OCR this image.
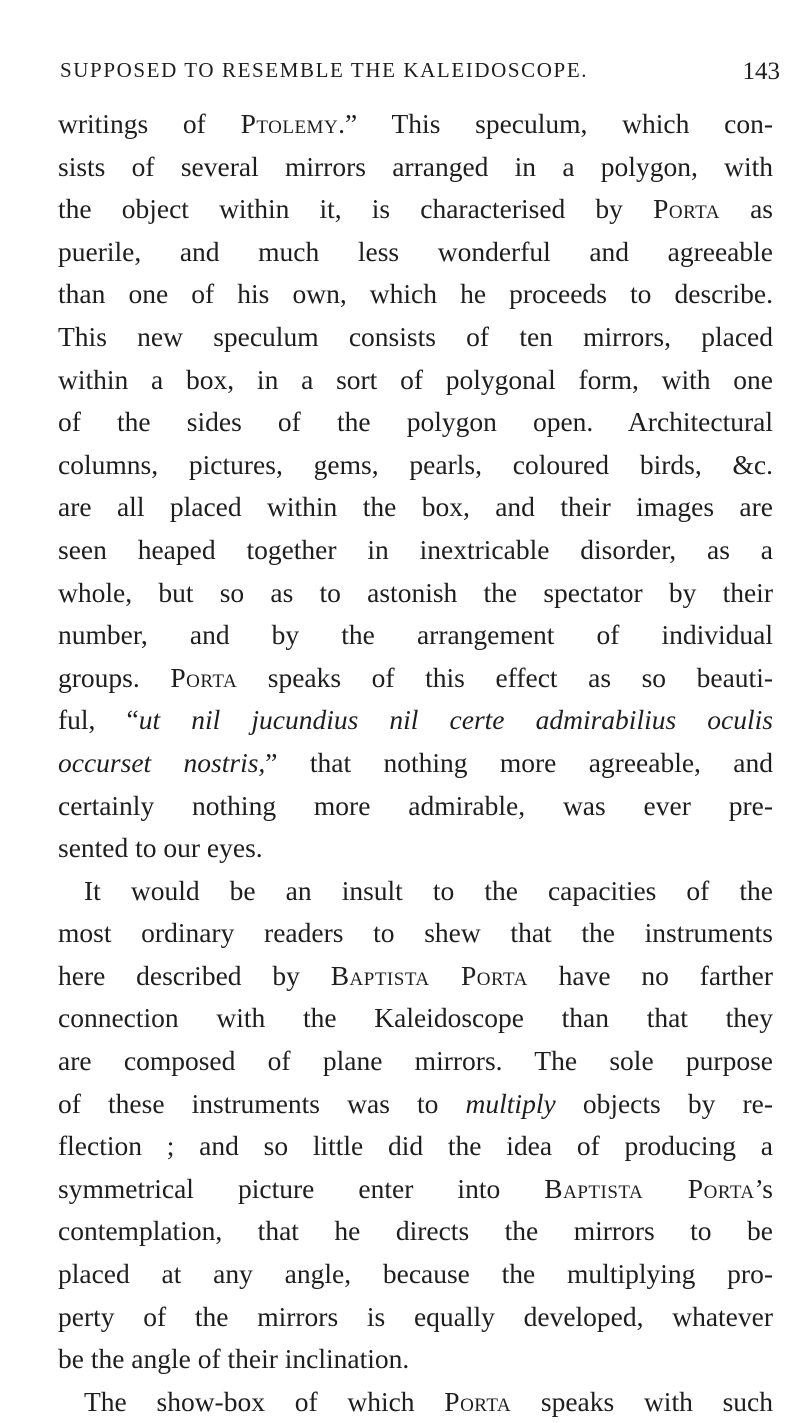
SUPPOSED TO RESEMBLE THE KALEIDOSCOPE.	143
writings of Ptolemy.” This speculum, which con-
sists of several mirrors arranged in a polygon, with
the object within it, is characterised by Porta as
puerile, and much less wonderful and agreeable
than one of his own, which he proceeds to describe.
This new speculum consists of ten mirrors, placed
within a box, in a sort of polygonal form, with one
of the sides of the polygon open. Architectural
columns, pictures, gems, pearls, coloured birds, &c.
are all placed within the box, and their images are
seen heaped together in inextricable disorder, as a
whole, but so as to astonish the spectator by their
number, and by the arrangement of individual
groups. Porta speaks of this effect as so beauti-
ful, “ut nil jucundius nil certe admirabilius oculis
occurset nostris,” that nothing more agreeable, and
certainly nothing more admirable, was ever pre-
sented to our eyes.
It would be an insult to the capacities of the
most ordinary readers to shew that the instruments
here described by Baptista Porta have no farther
connection with the Kaleidoscope than that they
are composed of plane mirrors. The sole purpose
of these instruments was to multiply objects by re-
flection ; and so little did the idea of producing a
symmetrical picture enter into Baptista Porta’s
contemplation, that he directs the mirrors to be
placed at any angle, because the multiplying pro-
perty of the mirrors is equally developed, whatever
be the angle of their inclination.
The show-box of which Porta speaks with such
